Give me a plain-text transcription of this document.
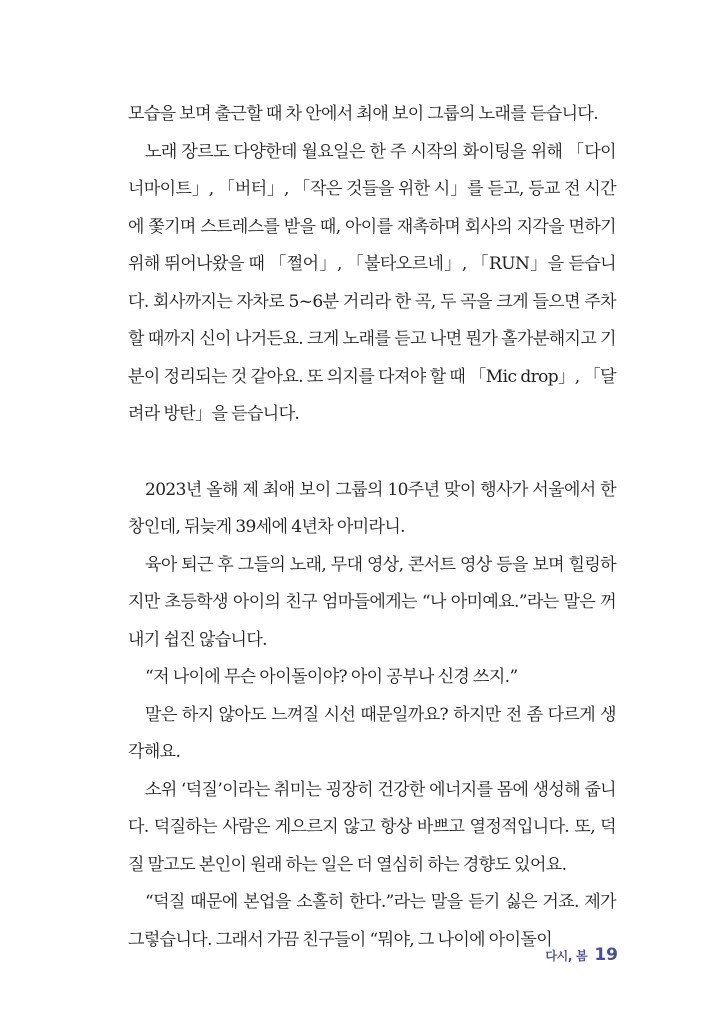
모습을 보며 출근할 때 차 안에서 최애 보이 그룹의 노래를 듣습니다.

노래 장르도 다양한데 월요일은 한 주 시작의 화이팅을 위해 「다이너마이트」, 「버터」, 「작은 것들을 위한 시」를 듣고, 등교 전 시간에 쫓기며 스트레스를 받을 때, 아이를 재촉하며 회사의 지각을 면하기 위해 뛰어나왔을 때 「쩔어」, 「불타오르네」, 「RUN」을 듣습니다. 회사까지는 자차로 5~6분 거리라 한 곡, 두 곡을 크게 들으면 주차할 때까지 신이 나거든요. 크게 노래를 듣고 나면 뭔가 홀가분해지고 기분이 정리되는 것 같아요. 또 의지를 다져야 할 때 「Mic drop」, 「달려라 방탄」을 듣습니다.

2023년 올해 제 최애 보이 그룹의 10주년 맞이 행사가 서울에서 한창인데, 뒤늦게 39세에 4년차 아미라니.

육아 퇴근 후 그들의 노래, 무대 영상, 콘서트 영상 등을 보며 힐링하지만 초등학생 아이의 친구 엄마들에게는 “나 아미예요.”라는 말은 꺼내기 쉽진 않습니다.

“저 나이에 무슨 아이돌이야? 아이 공부나 신경 쓰지.”

말은 하지 않아도 느껴질 시선 때문일까요? 하지만 전 좀 다르게 생각해요.

소위 ‘덕질’이라는 취미는 굉장히 건강한 에너지를 몸에 생성해 줍니다. 덕질하는 사람은 게으르지 않고 항상 바쁘고 열정적입니다. 또, 덕질 말고도 본인이 원래 하는 일은 더 열심히 하는 경향도 있어요.

“덕질 때문에 본업을 소홀히 한다.”라는 말을 듣기 싫은 거죠. 제가 그렇습니다. 그래서 가끔 친구들이 “뭐야, 그 나이에 아이돌이

다시, 봄 19
